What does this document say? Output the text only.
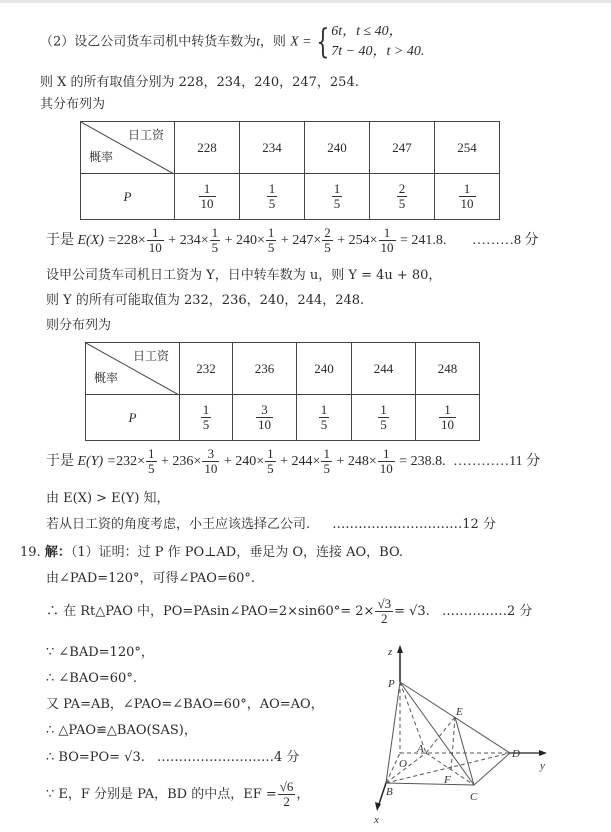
（2）设乙公司货车司机中转货车数为t，则 X = { 6t，t ≤ 40，
7t − 40，t > 40.
则 X 的所有取值分别为 228，234，240，247，254.
其分布列为
日工资
概率	228	234	240	247	254
P	$\frac{1}{10}$	$\frac{1}{5}$	$\frac{1}{5}$	$\frac{2}{5}$	$\frac{1}{10}$
于是 $E(X) =228\times \frac{1}{10} + 234\times \frac{1}{5} + 240\times \frac{1}{5} + 247\times \frac{2}{5} + 254\times \frac{1}{10} = 241.8$. ………8 分
设甲公司货车司机日工资为 Y，日中转车数为 u，则 Y = 4u + 80，
则 Y 的所有可能取值为 232，236，240，244，248.
则分布列为
日工资
概率	232	236	240	244	248
P	$\frac{1}{5}$	$\frac{3}{10}$	$\frac{1}{5}$	$\frac{1}{5}$	$\frac{1}{10}$
于是 $E(Y) =232\times \frac{1}{5} + 236\times \frac{3}{10} + 240\times \frac{1}{5} + 244\times \frac{1}{5} + 248\times \frac{1}{10} = 238.8$. …………11 分
由 E(X) > E(Y) 知，
若从日工资的角度考虑，小王应该选择乙公司. …………………………12 分
19. 解：（1）证明：过 P 作 PO⊥AD，垂足为 O，连接 AO，BO.
由∠PAD=120°，可得∠PAO=60°.
∴ 在 Rt△PAO 中，PO=PAsin∠PAO=2×sin60°= $2\times \frac{√3}{2} = √3$. ……………2 分
∵ ∠BAD=120°，
∴ ∠BAO=60°.
又 PA=AB，∠PAO=∠BAO=60°，AO=AO，
∴ △PAO≌△BAO(SAS)，
∴ BO=PO= √3. ………………………4 分
∵ E，F 分别是 PA，BD 的中点，EF = $\frac{√6}{2}$ ，
z
P
E
A
O
D
y
F
B	C
x
